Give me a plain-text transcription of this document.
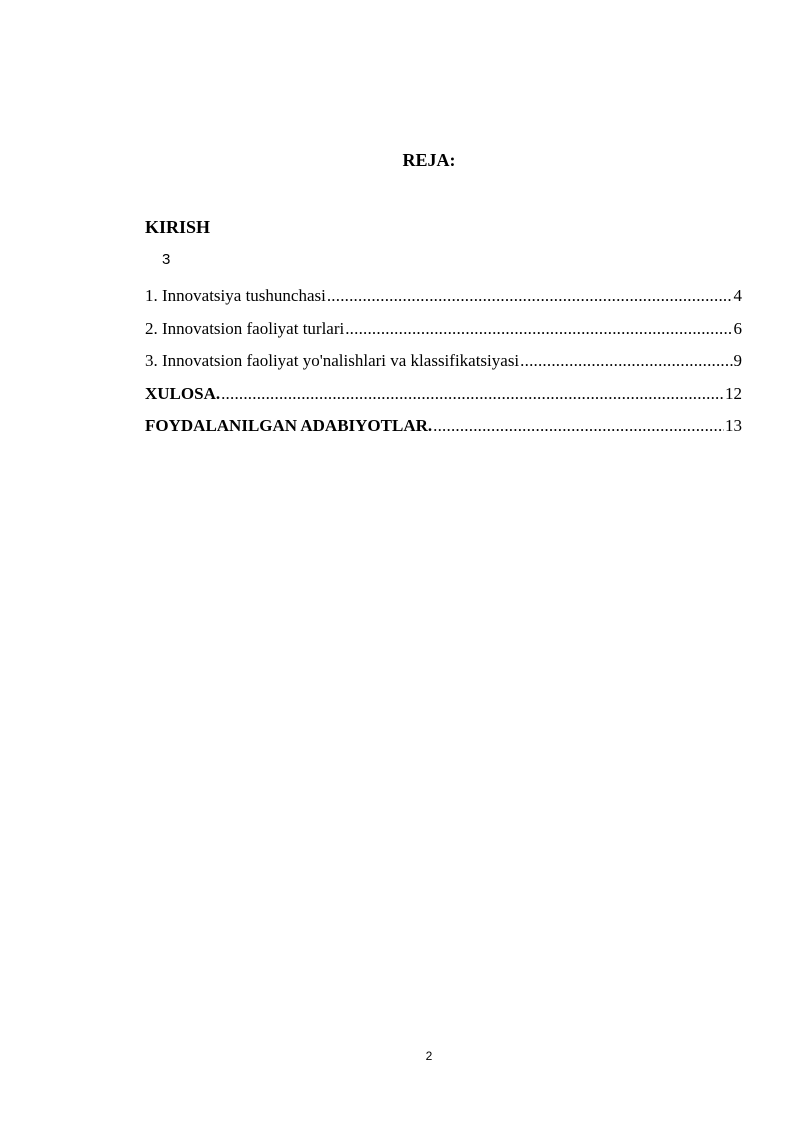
REJA:
KIRISH
3
1. Innovatsiya tushunchasi .....	4
2. Innovatsion faoliyat turlari .....	6
3. Innovatsion faoliyat yo'nalishlari va klassifikatsiyasi .....	9
XULOSA. .....	12
FOYDALANILGAN ADABIYOTLAR. .....	13
2
